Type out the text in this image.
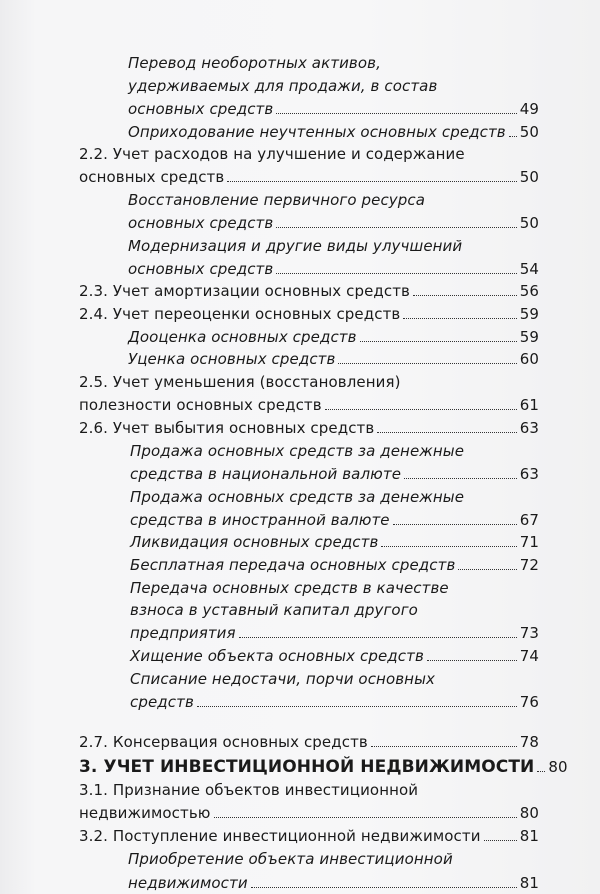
Перевод необоротных активов,
удерживаемых для продажи, в состав
основных средств	49
Оприходование неучтенных основных средств 50
2.2. Учет расходов на улучшение и содержание
основных средств	50
Восстановление первичного ресурса
основных средств	50
Модернизация и другие виды улучшений
основных средств	54
2.3. Учет амортизации основных средств	56
2.4. Учет переоценки основных средств	59
Дооценка основных средств	59
Уценка основных средств	60
2.5. Учет уменьшения (восстановления)
полезности основных средств	61
2.6. Учет выбытия основных средств	63
Продажа основных средств за денежные
средства в национальной валюте	63
Продажа основных средств за денежные
средства в иностранной валюте	67
Ликвидация основных средств	71
Бесплатная передача основных средств	72
Передача основных средств в качестве
взноса в уставный капитал другого
предприятия	73
Хищение объекта основных средств	74
Списание недостачи, порчи основных
средств	76
2.7. Консервация основных средств	78
3. УЧЕТ ИНВЕСТИЦИОННОЙ НЕДВИЖИМОСТИ 80
3.1. Признание объектов инвестиционной
недвижимостью	80
3.2. Поступление инвестиционной недвижимости	81
Приобретение объекта инвестиционной
недвижимости	81
